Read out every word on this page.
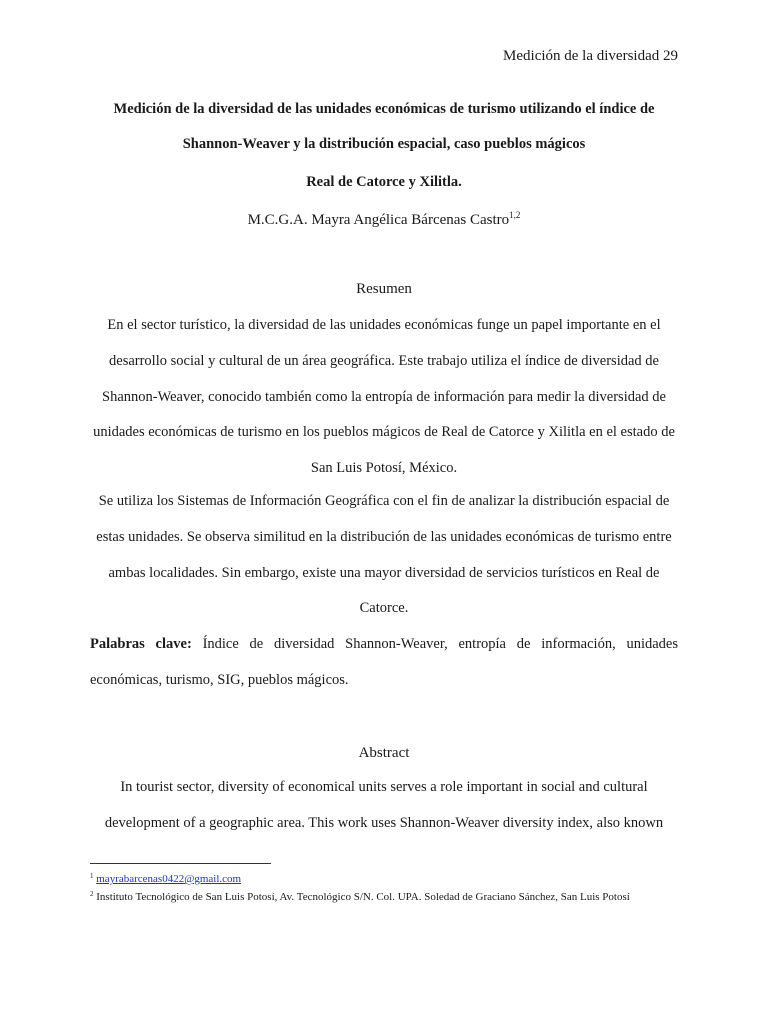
Medición de la diversidad 29
Medición de la diversidad de las unidades económicas de turismo utilizando el índice de
Shannon-Weaver y la distribución espacial, caso pueblos mágicos
Real de Catorce y Xilitla.
M.C.G.A. Mayra Angélica Bárcenas Castro$^{1,2}$
Resumen
En el sector turístico, la diversidad de las unidades económicas funge un papel importante en el desarrollo social y cultural de un área geográfica. Este trabajo utiliza el índice de diversidad de Shannon-Weaver, conocido también como la entropía de información para medir la diversidad de unidades económicas de turismo en los pueblos mágicos de Real de Catorce y Xilitla en el estado de San Luis Potosí, México.
Se utiliza los Sistemas de Información Geográfica con el fin de analizar la distribución espacial de estas unidades. Se observa similitud en la distribución de las unidades económicas de turismo entre ambas localidades. Sin embargo, existe una mayor diversidad de servicios turísticos en Real de Catorce.
Palabras clave: Índice de diversidad Shannon-Weaver, entropía de información, unidades económicas, turismo, SIG, pueblos mágicos.
Abstract
In tourist sector, diversity of economical units serves a role important in social and cultural development of a geographic area. This work uses Shannon-Weaver diversity index, also known
$^1$ mayrabarcenas0422@gmail.com
$^2$ Instituto Tecnológico de San Luis Potosí, Av. Tecnológico S/N. Col. UPA. Soledad de Graciano Sánchez, San Luis Potosí
